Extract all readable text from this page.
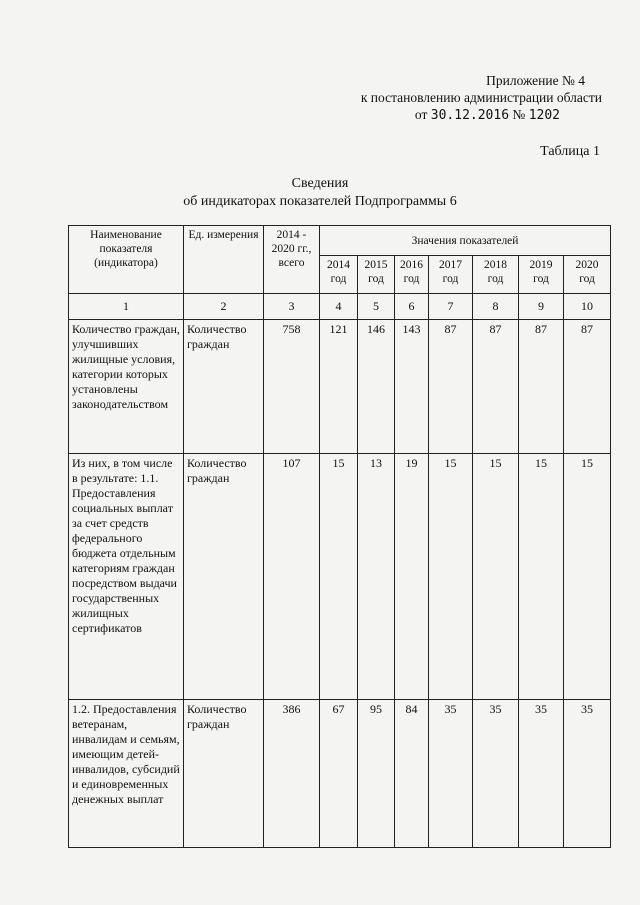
Приложение № 4
к постановлению администрации области
от 30.12.2016 № 1202
Таблица 1
Сведения
об индикаторах показателей Подпрограммы 6
Наименование показателя (индикатора)	Ед. измерения	2014 - 2020 гг., всего	Значения показателей						
			2014 год	2015 год	2016 год	2017 год	2018 год	2019 год	2020 год
1	2	3	4	5	6	7	8	9	10
Количество граждан, улучшивших жилищные условия, категории которых установлены законодательством	Количество граждан	758	121	146	143	87	87	87	87
Из них, в том числе в результате: 1.1. Предоставления социальных выплат за счет средств федерального бюджета отдельным категориям граждан посредством выдачи государственных жилищных сертификатов	Количество граждан	107	15	13	19	15	15	15	15
1.2. Предоставления ветеранам, инвалидам и семьям, имеющим детей-инвалидов, субсидий и единовременных денежных выплат	Количество граждан	386	67	95	84	35	35	35	35
